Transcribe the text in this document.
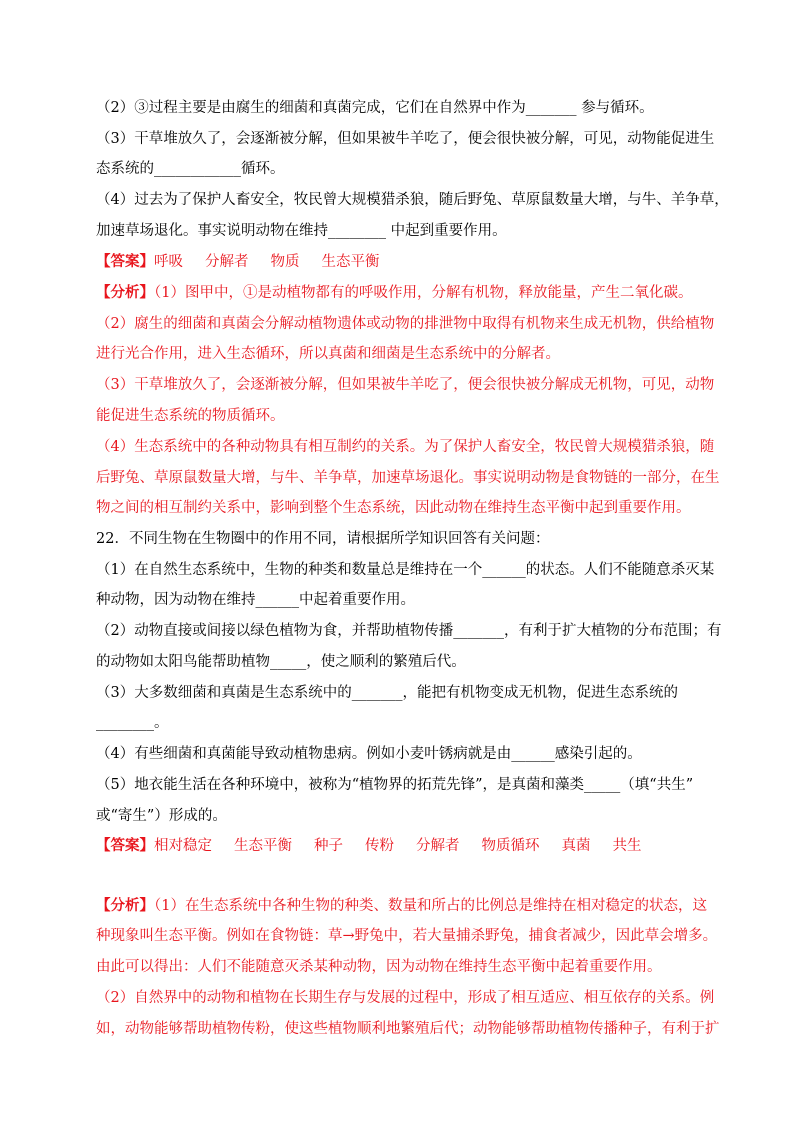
（2）③过程主要是由腐生的细菌和真菌完成，它们在自然界中作为_______ 参与循环。
（3）干草堆放久了，会逐渐被分解，但如果被牛羊吃了，便会很快被分解，可见，动物能促进生
态系统的____________循环。
（4）过去为了保护人畜安全，牧民曾大规模猎杀狼，随后野兔、草原鼠数量大增，与牛、羊争草，
加速草场退化。事实说明动物在维持________ 中起到重要作用。
【答案】呼吸 分解者 物质 生态平衡
【分析】（1）图甲中，①是动植物都有的呼吸作用，分解有机物，释放能量，产生二氧化碳。
（2）腐生的细菌和真菌会分解动植物遗体或动物的排泄物中取得有机物来生成无机物，供给植物
进行光合作用，进入生态循环，所以真菌和细菌是生态系统中的分解者。
（3）干草堆放久了，会逐渐被分解，但如果被牛羊吃了，便会很快被分解成无机物，可见，动物
能促进生态系统的物质循环。
（4）生态系统中的各种动物具有相互制约的关系。为了保护人畜安全，牧民曾大规模猎杀狼，随
后野兔、草原鼠数量大增，与牛、羊争草，加速草场退化。事实说明动物是食物链的一部分，在生
物之间的相互制约关系中，影响到整个生态系统，因此动物在维持生态平衡中起到重要作用。
22．不同生物在生物圈中的作用不同，请根据所学知识回答有关问题：
（1）在自然生态系统中，生物的种类和数量总是维持在一个______的状态。人们不能随意杀灭某
种动物，因为动物在维持______中起着重要作用。
（2）动物直接或间接以绿色植物为食，并帮助植物传播_______，有利于扩大植物的分布范围；有
的动物如太阳鸟能帮助植物_____，使之顺利的繁殖后代。
（3）大多数细菌和真菌是生态系统中的_______，能把有机物变成无机物，促进生态系统的
________。
（4）有些细菌和真菌能导致动植物患病。例如小麦叶锈病就是由______感染引起的。
（5）地衣能生活在各种环境中，被称为“植物界的拓荒先锋”，是真菌和藻类_____（填“共生”
或“寄生”）形成的。
【答案】相对稳定 生态平衡 种子 传粉 分解者 物质循环 真菌 共生
【分析】（1）在生态系统中各种生物的种类、数量和所占的比例总是维持在相对稳定的状态，这
种现象叫生态平衡。例如在食物链：草→野兔中，若大量捕杀野兔，捕食者减少，因此草会增多。
由此可以得出：人们不能随意灭杀某种动物，因为动物在维持生态平衡中起着重要作用。
（2）自然界中的动物和植物在长期生存与发展的过程中，形成了相互适应、相互依存的关系。例
如，动物能够帮助植物传粉，使这些植物顺利地繁殖后代；动物能够帮助植物传播种子，有利于扩
